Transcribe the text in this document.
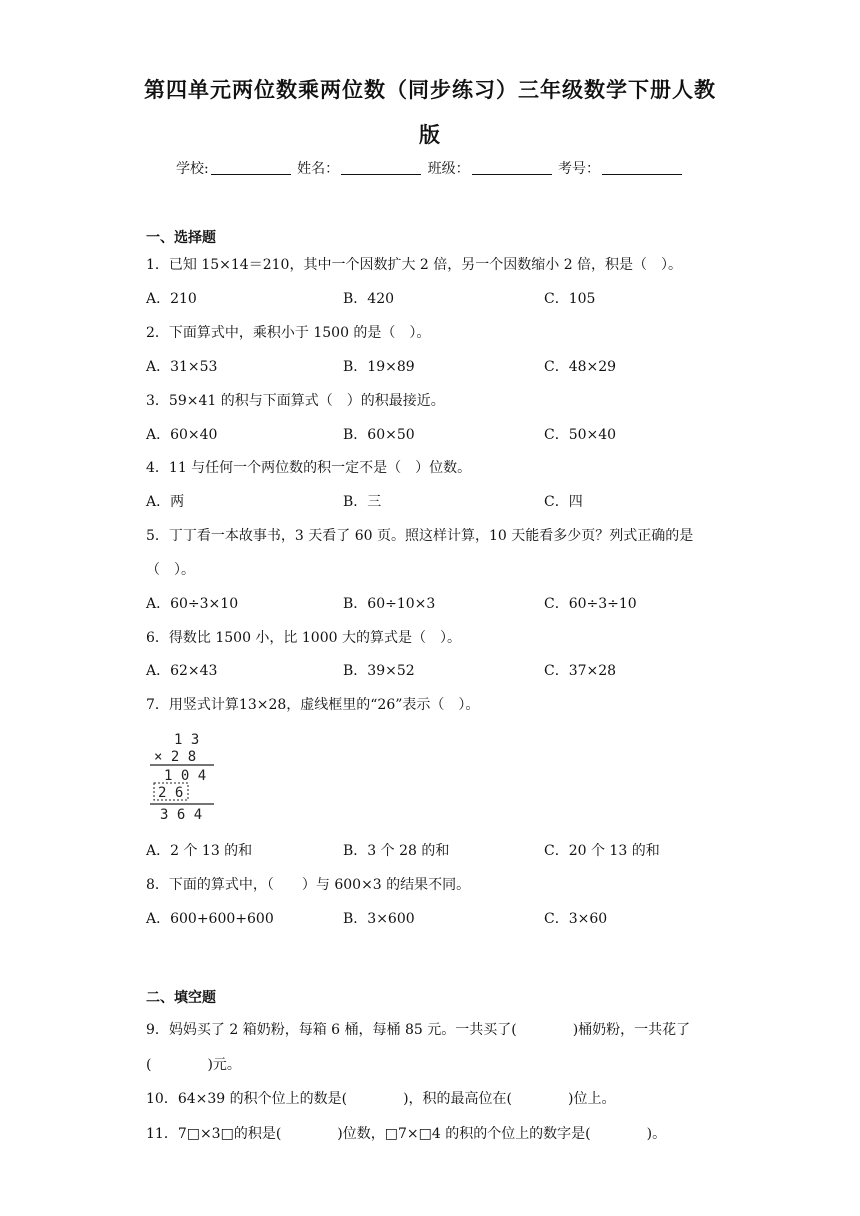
第四单元两位数乘两位数（同步练习）三年级数学下册人教
版
学校:	姓名：	班级：	考号：
一、选择题
1．已知 15×14＝210，其中一个因数扩大 2 倍，另一个因数缩小 2 倍，积是（　）。
A．210	B．420	C．105
2．下面算式中，乘积小于 1500 的是（　）。
A．31×53	B．19×89	C．48×29
3．59×41 的积与下面算式（　）的积最接近。
A．60×40	B．60×50	C．50×40
4．11 与任何一个两位数的积一定不是（　）位数。
A．两	B．三	C．四
5．丁丁看一本故事书，3 天看了 60 页。照这样计算，10 天能看多少页？列式正确的是
（　）。
A．60÷3×10	B．60÷10×3	C．60÷3÷10
6．得数比 1500 小，比 1000 大的算式是（　）。
A．62×43	B．39×52	C．37×28
7．用竖式计算13×28，虚线框里的“26”表示（　）。
1 3
× 2 8
1 0 4
2 6
3 6 4
A．2 个 13 的和	B．3 个 28 的和	C．20 个 13 的和
8．下面的算式中，（　　）与 600×3 的结果不同。
A．600+600+600	B．3×600	C．3×60
二、填空题
9．妈妈买了 2 箱奶粉，每箱 6 桶，每桶 85 元。一共买了(　　　　)桶奶粉，一共花了
(　　　　)元。
10．64×39 的积个位上的数是(　　　　)，积的最高位在(　　　　)位上。
11．7□×3□的积是(　　　　)位数，□7×□4 的积的个位上的数字是(　　　　)。
